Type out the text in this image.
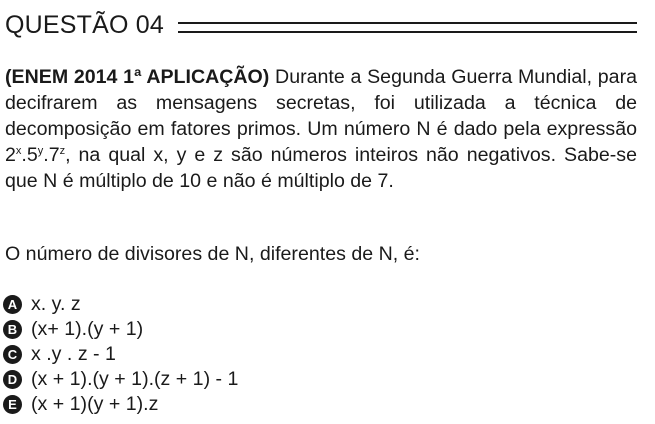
QUESTÃO 04

(ENEM 2014 1ª APLICAÇÃO) Durante a Segunda Guerra Mundial, para decifrarem as mensagens secretas, foi utilizada a técnica de decomposição em fatores primos. Um número N é dado pela expressão 2$^x$.5$^y$.7$^z$, na qual x, y e z são números inteiros não negativos. Sabe-se que N é múltiplo de 10 e não é múltiplo de 7.

O número de divisores de N, diferentes de N, é:

A x. y. z
B (x+ 1).(y + 1)
C x .y . z - 1
D (x + 1).(y + 1).(z + 1) - 1
E (x + 1)(y + 1).z
